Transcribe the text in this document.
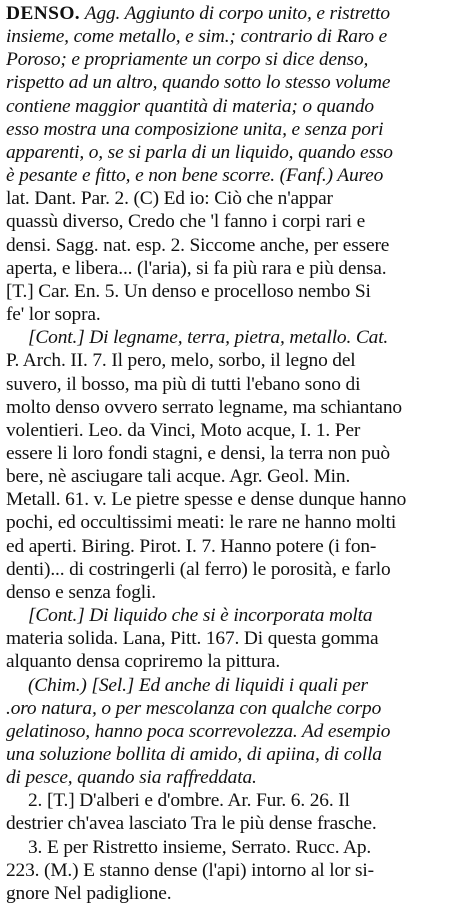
DENSO. Agg. Aggiunto di corpo unito, e ristretto
insieme, come metallo, e sim.; contrario di Raro e
Poroso; e propriamente un corpo si dice denso,
rispetto ad un altro, quando sotto lo stesso volume
contiene maggior quantità di materia; o quando
esso mostra una composizione unita, e senza pori
apparenti, o, se si parla di un liquido, quando esso
è pesante e fitto, e non bene scorre. (Fanf.) Aureo
lat. Dant. Par. 2. (C) Ed io: Ciò che n'appar
quassù diverso, Credo che 'l fanno i corpi rari e
densi. Sagg. nat. esp. 2. Siccome anche, per essere
aperta, e libera... (l'aria), si fa più rara e più densa.
[T.] Car. En. 5. Un denso e procelloso nembo Si
fe' lor sopra.
[Cont.] Di legname, terra, pietra, metallo. Cat.
P. Arch. II. 7. Il pero, melo, sorbo, il legno del
suvero, il bosso, ma più di tutti l'ebano sono di
molto denso ovvero serrato legname, ma schiantano
volentieri. Leo. da Vinci, Moto acque, I. 1. Per
essere li loro fondi stagni, e densi, la terra non può
bere, nè asciugare tali acque. Agr. Geol. Min.
Metall. 61. v. Le pietre spesse e dense dunque hanno
pochi, ed occultissimi meati: le rare ne hanno molti
ed aperti. Biring. Pirot. I. 7. Hanno potere (i fon-
denti)... di costringerli (al ferro) le porosità, e farlo
denso e senza fogli.
[Cont.] Di liquido che si è incorporata molta
materia solida. Lana, Pitt. 167. Di questa gomma
alquanto densa copriremo la pittura.
(Chim.) [Sel.] Ed anche di liquidi i quali per
.oro natura, o per mescolanza con qualche corpo
gelatinoso, hanno poca scorrevolezza. Ad esempio
una soluzione bollita di amido, di apiina, di colla
di pesce, quando sia raffreddata.
2. [T.] D'alberi e d'ombre. Ar. Fur. 6. 26. Il
destrier ch'avea lasciato Tra le più dense frasche.
3. E per Ristretto insieme, Serrato. Rucc. Ap.
223. (M.) E stanno dense (l'api) intorno al lor si-
gnore Nel padiglione.
